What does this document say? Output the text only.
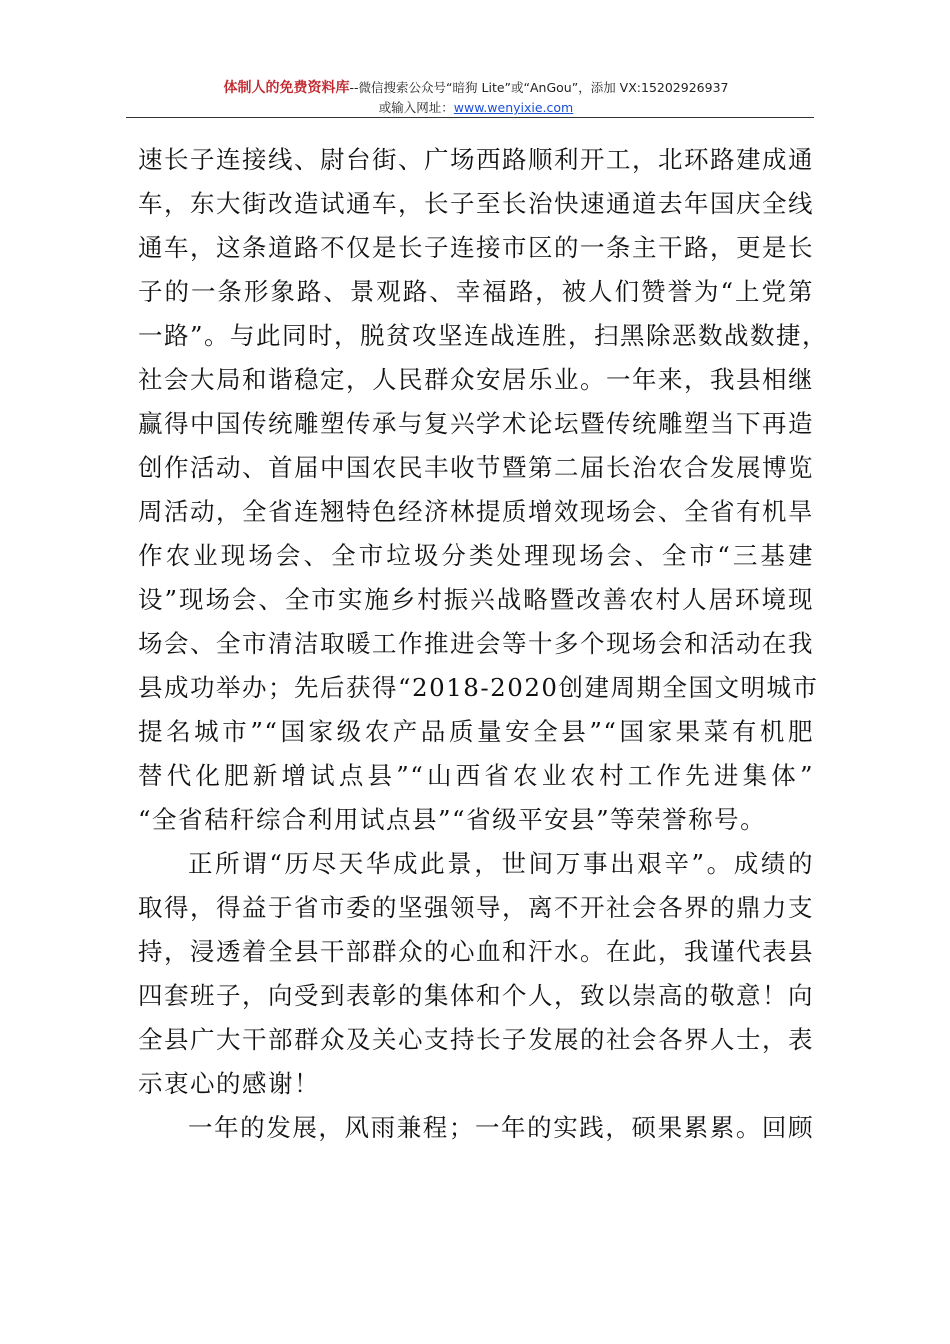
体制人的免费资料库--微信搜索公众号“暗狗 Lite”或“AnGou”，添加 VX:15202926937
或输入网址：www.wenyixie.com
速长子连接线、尉台街、广场西路顺利开工，北环路建成通
车，东大街改造试通车，长子至长治快速通道去年国庆全线
通车，这条道路不仅是长子连接市区的一条主干路，更是长
子的一条形象路、景观路、幸福路，被人们赞誉为“上党第
一路”。与此同时，脱贫攻坚连战连胜，扫黑除恶数战数捷，
社会大局和谐稳定，人民群众安居乐业。一年来，我县相继
赢得中国传统雕塑传承与复兴学术论坛暨传统雕塑当下再造
创作活动、首届中国农民丰收节暨第二届长治农合发展博览
周活动，全省连翘特色经济林提质增效现场会、全省有机旱
作农业现场会、全市垃圾分类处理现场会、全市“三基建
设”现场会、全市实施乡村振兴战略暨改善农村人居环境现
场会、全市清洁取暖工作推进会等十多个现场会和活动在我
县成功举办；先后获得“2018-2020创建周期全国文明城市
提名城市”“国家级农产品质量安全县”“国家果菜有机肥
替代化肥新增试点县”“山西省农业农村工作先进集体”
“全省秸秆综合利用试点县”“省级平安县”等荣誉称号。
正所谓“历尽天华成此景，世间万事出艰辛”。成绩的
取得，得益于省市委的坚强领导，离不开社会各界的鼎力支
持，浸透着全县干部群众的心血和汗水。在此，我谨代表县
四套班子，向受到表彰的集体和个人，致以崇高的敬意！向
全县广大干部群众及关心支持长子发展的社会各界人士，表
示衷心的感谢！
一年的发展，风雨兼程；一年的实践，硕果累累。回顾
